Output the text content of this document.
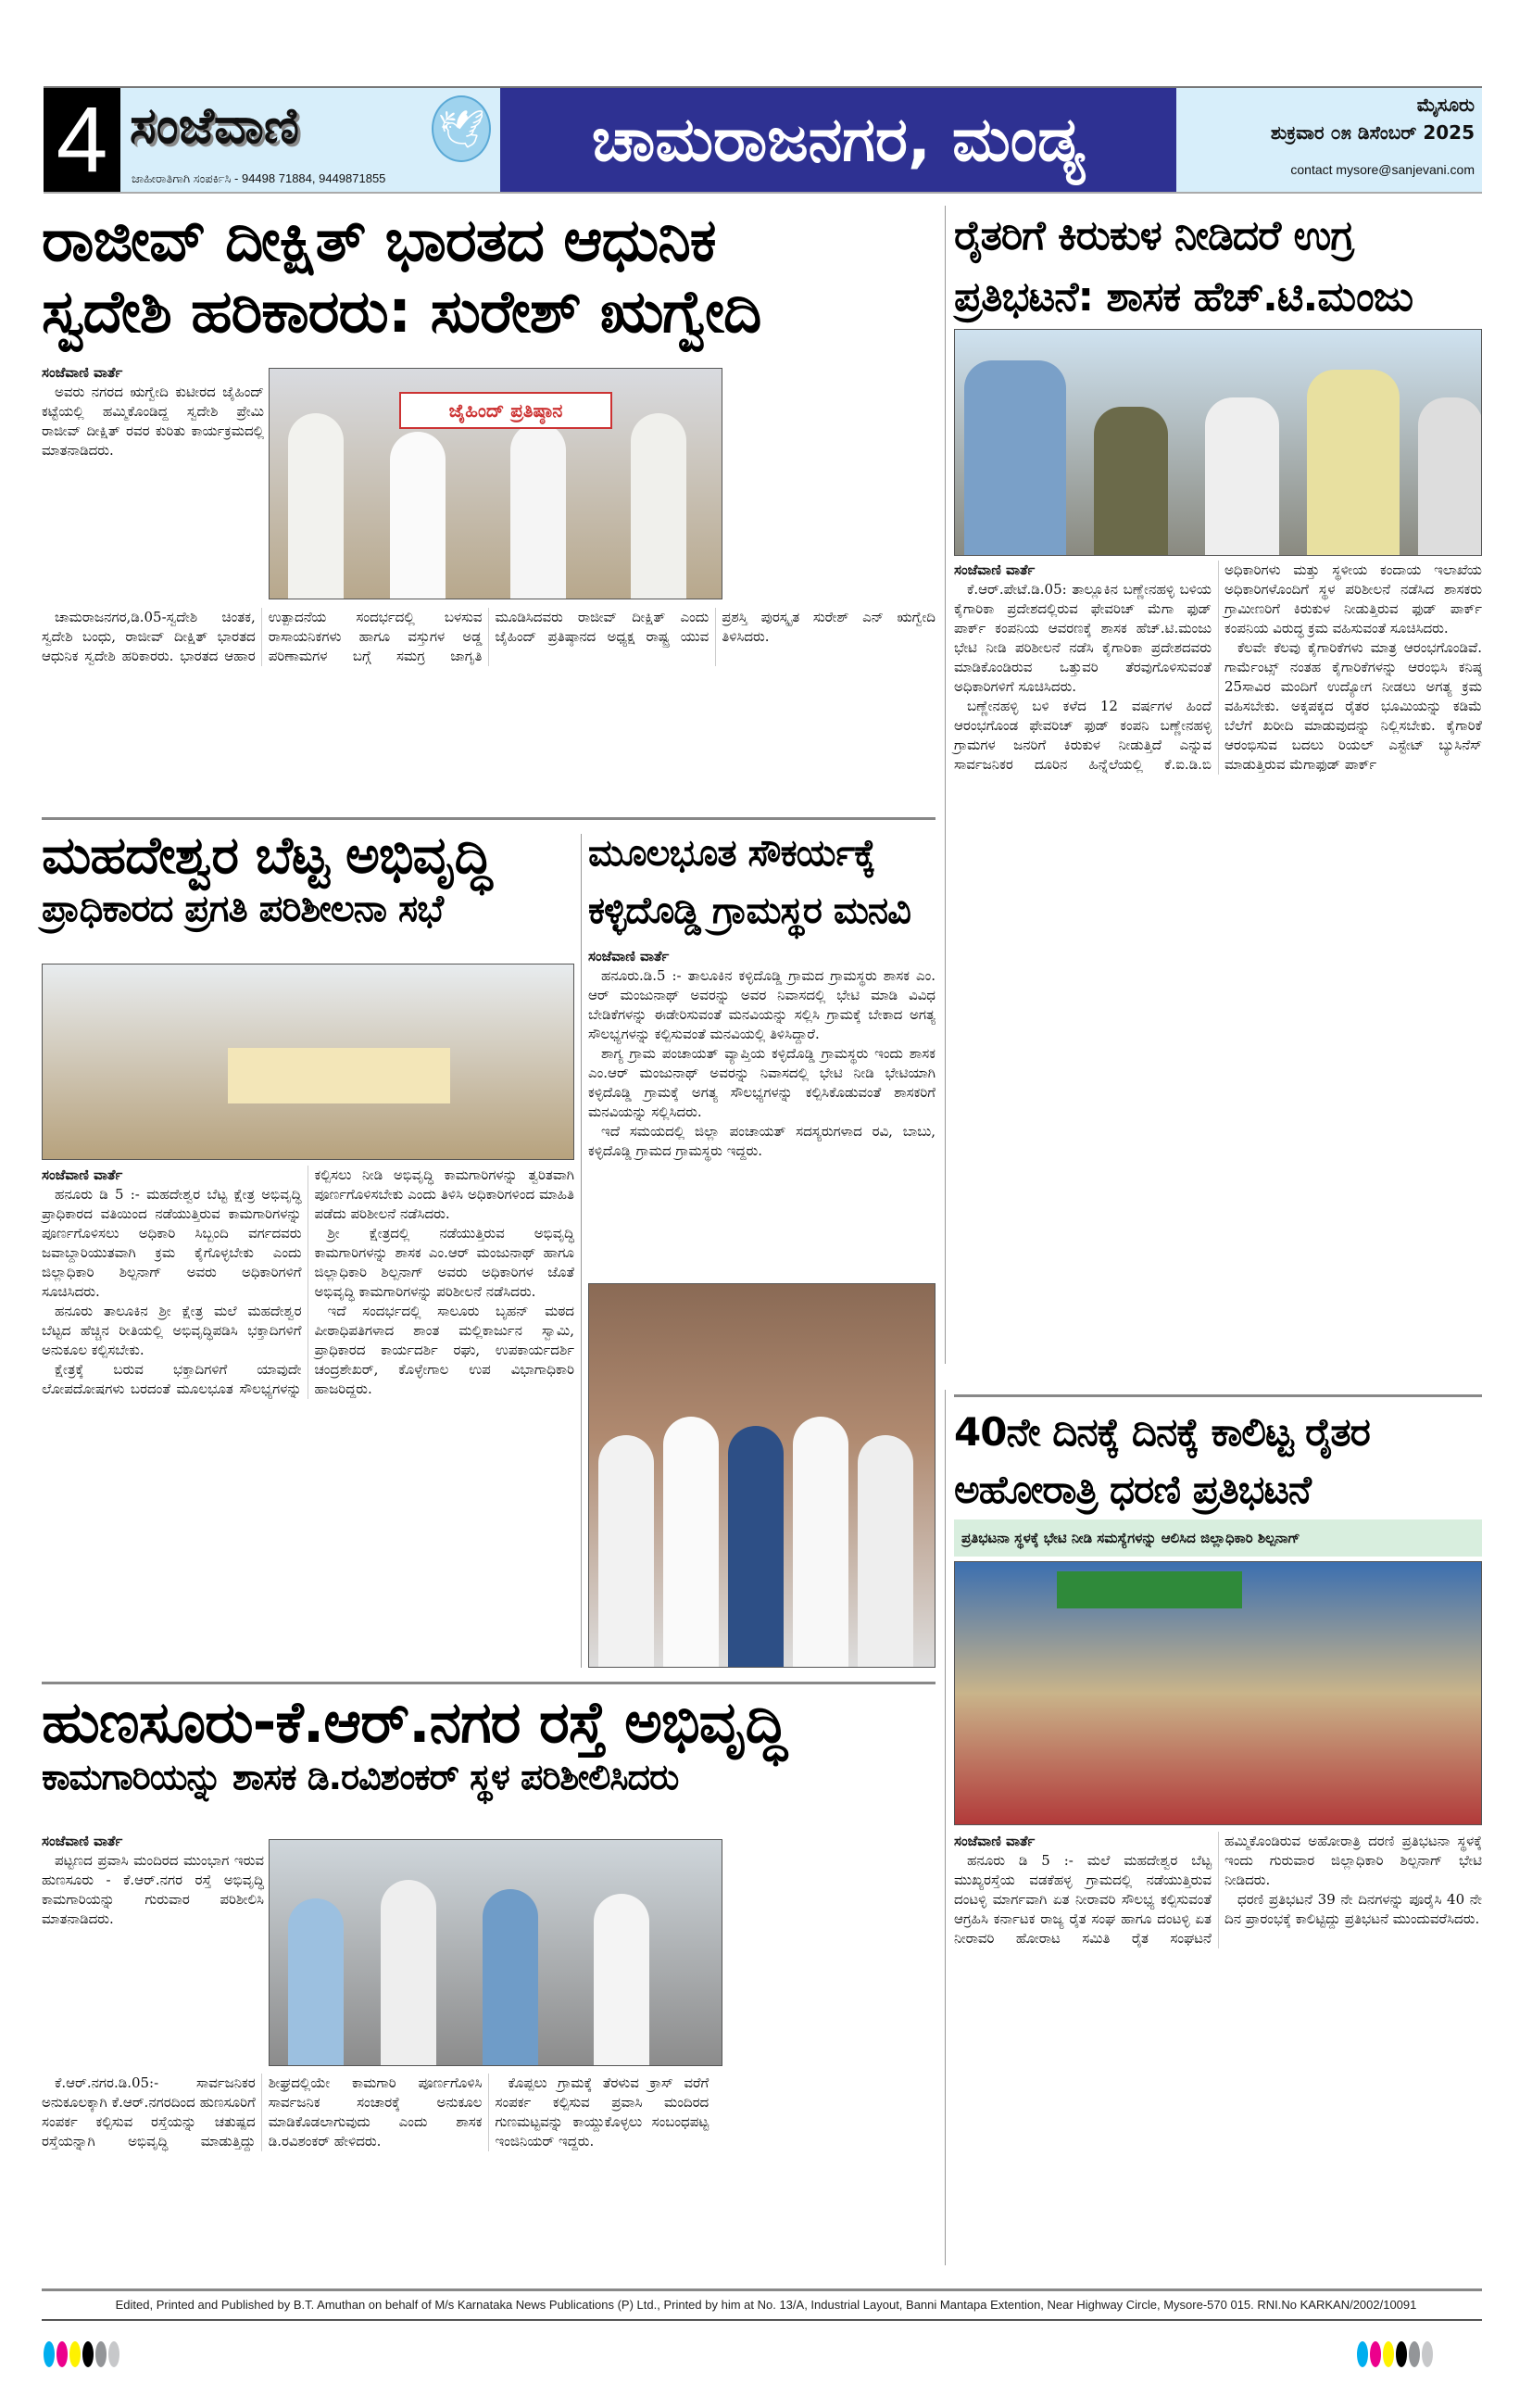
4 ಸಂಜೆವಾಣಿ	🕊
ಜಾಹೀರಾತಿಗಾಗಿ ಸಂಪರ್ಕಿಸಿ - 94498 71884, 9449871855
ಚಾಮರಾಜನಗರ, ಮಂಡ್ಯ	ಮೈಸೂರು
ಶುಕ್ರವಾರ ೦೫ ಡಿಸೆಂಬರ್ 2025
contact mysore@sanjevani.com
ರಾಜೀವ್ ದೀಕ್ಷಿತ್ ಭಾರತದ ಆಧುನಿಕ
ಸ್ವದೇಶಿ ಹರಿಕಾರರು: ಸುರೇಶ್ ಋಗ್ವೇದಿ
ಜೈಹಿಂದ್ ಪ್ರತಿಷ್ಠಾನ
ಸಂಜೆವಾಣಿ ವಾರ್ತೆ

ಅವರು ನಗರದ ಋಗ್ವೇದಿ ಕುಟೀರದ ಜೈಹಿಂದ್ ಕಟ್ಟೆಯಲ್ಲಿ ಹಮ್ಮಿಕೊಂಡಿದ್ದ ಸ್ವದೇಶಿ ಪ್ರೇಮಿ ರಾಜೀವ್ ದೀಕ್ಷಿತ್ ರವರ ಕುರಿತು ಕಾರ್ಯಕ್ರಮದಲ್ಲಿ ಮಾತನಾಡಿದರು.

ಚಾಮರಾಜನಗರ,ಡಿ.05-ಸ್ವದೇಶಿ ಚಿಂತಕ, ಸ್ವದೇಶಿ ಬಂಧು, ರಾಜೀವ್ ದೀಕ್ಷಿತ್ ಭಾರತದ ಆಧುನಿಕ ಸ್ವದೇಶಿ ಹರಿಕಾರರು. ಭಾರತದ ಆಹಾರ ಉತ್ಪಾದನೆಯ ಸಂದರ್ಭದಲ್ಲಿ ಬಳಸುವ ರಾಸಾಯನಿಕಗಳು ಹಾಗೂ ವಸ್ತುಗಳ ಅಡ್ಡ ಪರಿಣಾಮಗಳ ಬಗ್ಗೆ ಸಮಗ್ರ ಜಾಗೃತಿ ಮೂಡಿಸಿದವರು ರಾಜೀವ್ ದೀಕ್ಷಿತ್ ಎಂದು ಜೈಹಿಂದ್ ಪ್ರತಿಷ್ಠಾನದ ಅಧ್ಯಕ್ಷ ರಾಷ್ಟ್ರ ಯುವ ಪ್ರಶಸ್ತಿ ಪುರಸ್ಕೃತ ಸುರೇಶ್ ಎನ್ ಋಗ್ವೇದಿ ತಿಳಿಸಿದರು.

ರೈತರಿಗೆ ಕಿರುಕುಳ ನೀಡಿದರೆ ಉಗ್ರ
ಪ್ರತಿಭಟನೆ: ಶಾಸಕ ಹೆಚ್.ಟಿ.ಮಂಜು
ಸಂಜೆವಾಣಿ ವಾರ್ತೆ

ಕೆ.ಆರ್.ಪೇಟೆ.ಡಿ.05: ತಾಲ್ಲೂಕಿನ ಬಣ್ಣೇನಹಳ್ಳಿ ಬಳಿಯ ಕೈಗಾರಿಕಾ ಪ್ರದೇಶದಲ್ಲಿರುವ ಫೇವರಿಚ್ ಮೆಗಾ ಫುಡ್ ಪಾರ್ಕ್ ಕಂಪನಿಯ ಆವರಣಕ್ಕೆ ಶಾಸಕ ಹೆಚ್.ಟಿ.ಮಂಜು ಭೇಟಿ ನೀಡಿ ಪರಿಶೀಲನೆ ನಡೆಸಿ ಕೈಗಾರಿಕಾ ಪ್ರದೇಶದವರು ಮಾಡಿಕೊಂಡಿರುವ ಒತ್ತುವರಿ ತೆರವುಗೊಳಿಸುವಂತೆ ಅಧಿಕಾರಿಗಳಿಗೆ ಸೂಚಿಸಿದರು.

ಬಣ್ಣೇನಹಳ್ಳಿ ಬಳಿ ಕಳೆದ 12 ವರ್ಷಗಳ ಹಿಂದೆ ಆರಂಭಗೊಂಡ ಫೇವರಿಚ್ ಫುಡ್ ಕಂಪನಿ ಬಣ್ಣೇನಹಳ್ಳಿ ಗ್ರಾಮಗಳ ಜನರಿಗೆ ಕಿರುಕುಳ ನೀಡುತ್ತಿದೆ ಎನ್ನುವ ಸಾರ್ವಜನಿಕರ ದೂರಿನ ಹಿನ್ನೆಲೆಯಲ್ಲಿ ಕೆ.ಐ.ಡಿ.ಬಿ ಅಧಿಕಾರಿಗಳು ಮತ್ತು ಸ್ಥಳೀಯ ಕಂದಾಯ ಇಲಾಖೆಯ ಅಧಿಕಾರಿಗಳೊಂದಿಗೆ ಸ್ಥಳ ಪರಿಶೀಲನೆ ನಡೆಸಿದ ಶಾಸಕರು ಗ್ರಾಮೀಣರಿಗೆ ಕಿರುಕುಳ ನೀಡುತ್ತಿರುವ ಫುಡ್ ಪಾರ್ಕ್ ಕಂಪನಿಯ ವಿರುದ್ಧ ಕ್ರಮ ವಹಿಸುವಂತೆ ಸೂಚಿಸಿದರು.

ಕೆಲವೇ ಕೆಲವು ಕೈಗಾರಿಕೆಗಳು ಮಾತ್ರ ಆರಂಭಗೊಂಡಿವೆ. ಗಾರ್ಮೆಂಟ್ಸ್ ನಂತಹ ಕೈಗಾರಿಕೆಗಳನ್ನು ಆರಂಭಿಸಿ ಕನಿಷ್ಠ 25ಸಾವಿರ ಮಂದಿಗೆ ಉದ್ಯೋಗ ನೀಡಲು ಅಗತ್ಯ ಕ್ರಮ ವಹಿಸಬೇಕು. ಅಕ್ಕಪಕ್ಕದ ರೈತರ ಭೂಮಿಯನ್ನು ಕಡಿಮೆ ಬೆಲೆಗೆ ಖರೀದಿ ಮಾಡುವುದನ್ನು ನಿಲ್ಲಿಸಬೇಕು. ಕೈಗಾರಿಕೆ ಆರಂಭಿಸುವ ಬದಲು ರಿಯಲ್ ಎಸ್ಟೇಟ್ ಬ್ಯುಸಿನೆಸ್ ಮಾಡುತ್ತಿರುವ ಮೆಗಾಫುಡ್ ಪಾರ್ಕ್

ಮಹದೇಶ್ವರ ಬೆಟ್ಟ ಅಭಿವೃದ್ಧಿ
ಪ್ರಾಧಿಕಾರದ ಪ್ರಗತಿ ಪರಿಶೀಲನಾ ಸಭೆ
ಸಂಜೆವಾಣಿ ವಾರ್ತೆ

ಹನೂರು ಡಿ 5 :- ಮಹದೇಶ್ವರ ಬೆಟ್ಟ ಕ್ಷೇತ್ರ ಅಭಿವೃದ್ಧಿ ಪ್ರಾಧಿಕಾರದ ವತಿಯಿಂದ ನಡೆಯುತ್ತಿರುವ ಕಾಮಗಾರಿಗಳನ್ನು ಪೂರ್ಣಗೊಳಿಸಲು ಅಧಿಕಾರಿ ಸಿಬ್ಬಂದಿ ವರ್ಗದವರು ಜವಾಬ್ದಾರಿಯುತವಾಗಿ ಕ್ರಮ ಕೈಗೊಳ್ಳಬೇಕು ಎಂದು ಜಿಲ್ಲಾಧಿಕಾರಿ ಶಿಲ್ಪನಾಗ್ ಅವರು ಅಧಿಕಾರಿಗಳಿಗೆ ಸೂಚಿಸಿದರು.

ಹನೂರು ತಾಲೂಕಿನ ಶ್ರೀ ಕ್ಷೇತ್ರ ಮಲೆ ಮಹದೇಶ್ವರ ಬೆಟ್ಟದ ಹೆಚ್ಚಿನ ರೀತಿಯಲ್ಲಿ ಅಭಿವೃದ್ಧಿಪಡಿಸಿ ಭಕ್ತಾದಿಗಳಿಗೆ ಅನುಕೂಲ ಕಲ್ಪಿಸಬೇಕು.

ಕ್ಷೇತ್ರಕ್ಕೆ ಬರುವ ಭಕ್ತಾದಿಗಳಿಗೆ ಯಾವುದೇ ಲೋಪದೋಷಗಳು ಬರದಂತೆ ಮೂಲಭೂತ ಸೌಲಭ್ಯಗಳನ್ನು ಕಲ್ಪಿಸಲು ನೀಡಿ ಅಭಿವೃದ್ಧಿ ಕಾಮಗಾರಿಗಳನ್ನು ತ್ವರಿತವಾಗಿ ಪೂರ್ಣಗೊಳಿಸಬೇಕು ಎಂದು ತಿಳಿಸಿ ಅಧಿಕಾರಿಗಳಿಂದ ಮಾಹಿತಿ ಪಡೆದು ಪರಿಶೀಲನೆ ನಡೆಸಿದರು.

ಶ್ರೀ ಕ್ಷೇತ್ರದಲ್ಲಿ ನಡೆಯುತ್ತಿರುವ ಅಭಿವೃದ್ಧಿ ಕಾಮಗಾರಿಗಳನ್ನು ಶಾಸಕ ಎಂ.ಆರ್ ಮಂಜುನಾಥ್ ಹಾಗೂ ಜಿಲ್ಲಾಧಿಕಾರಿ ಶಿಲ್ಪನಾಗ್ ಅವರು ಅಧಿಕಾರಿಗಳ ಜೊತೆ ಅಭಿವೃದ್ಧಿ ಕಾಮಗಾರಿಗಳನ್ನು ಪರಿಶೀಲನೆ ನಡೆಸಿದರು.

ಇದೆ ಸಂದರ್ಭದಲ್ಲಿ ಸಾಲೂರು ಬೃಹನ್ ಮಠದ ಪೀಠಾಧಿಪತಿಗಳಾದ ಶಾಂತ ಮಲ್ಲಿಕಾರ್ಜುನ ಸ್ವಾಮಿ, ಪ್ರಾಧಿಕಾರದ ಕಾರ್ಯದರ್ಶಿ ರಘು, ಉಪಕಾರ್ಯದರ್ಶಿ ಚಂದ್ರಶೇಖರ್, ಕೊಳ್ಳೇಗಾಲ ಉಪ ವಿಭಾಗಾಧಿಕಾರಿ ಹಾಜರಿದ್ದರು.

ಮೂಲಭೂತ ಸೌಕರ್ಯಕ್ಕೆ
ಕಳ್ಳಿದೊಡ್ಡಿ ಗ್ರಾಮಸ್ಥರ ಮನವಿ
ಸಂಜೆವಾಣಿ ವಾರ್ತೆ

ಹನೂರು.ಡಿ.5 :- ತಾಲೂಕಿನ ಕಳ್ಳಿದೊಡ್ಡಿ ಗ್ರಾಮದ ಗ್ರಾಮಸ್ಥರು ಶಾಸಕ ಎಂ. ಆರ್ ಮಂಜುನಾಥ್ ಅವರನ್ನು ಅವರ ನಿವಾಸದಲ್ಲಿ ಭೇಟಿ ಮಾಡಿ ವಿವಿಧ ಬೇಡಿಕೆಗಳನ್ನು ಈಡೇರಿಸುವಂತೆ ಮನವಿಯನ್ನು ಸಲ್ಲಿಸಿ ಗ್ರಾಮಕ್ಕೆ ಬೇಕಾದ ಅಗತ್ಯ ಸೌಲಭ್ಯಗಳನ್ನು ಕಲ್ಪಿಸುವಂತೆ ಮನವಿಯಲ್ಲಿ ತಿಳಿಸಿದ್ದಾರೆ.

ಶಾಗ್ಯ ಗ್ರಾಮ ಪಂಚಾಯತ್ ವ್ಯಾಪ್ತಿಯ ಕಳ್ಳಿದೊಡ್ಡಿ ಗ್ರಾಮಸ್ಥರು ಇಂದು ಶಾಸಕ ಎಂ.ಆರ್ ಮಂಜುನಾಥ್ ಅವರನ್ನು ನಿವಾಸದಲ್ಲಿ ಭೇಟಿ ನೀಡಿ ಭೇಟಿಯಾಗಿ ಕಳ್ಳಿದೊಡ್ಡಿ ಗ್ರಾಮಕ್ಕೆ ಅಗತ್ಯ ಸೌಲಭ್ಯಗಳನ್ನು ಕಲ್ಪಿಸಿಕೊಡುವಂತೆ ಶಾಸಕರಿಗೆ ಮನವಿಯನ್ನು ಸಲ್ಲಿಸಿದರು.

ಇದೆ ಸಮಯದಲ್ಲಿ ಜಿಲ್ಲಾ ಪಂಚಾಯತ್ ಸದಸ್ಯರುಗಳಾದ ರವಿ, ಬಾಬು, ಕಳ್ಳಿದೊಡ್ಡಿ ಗ್ರಾಮದ ಗ್ರಾಮಸ್ಥರು ಇದ್ದರು.

40ನೇ ದಿನಕ್ಕೆ ದಿನಕ್ಕೆ ಕಾಲಿಟ್ಟ ರೈತರ
ಅಹೋರಾತ್ರಿ ಧರಣಿ ಪ್ರತಿಭಟನೆ
ಪ್ರತಿಭಟನಾ ಸ್ಥಳಕ್ಕೆ ಭೇಟಿ ನೀಡಿ ಸಮಸ್ಯೆಗಳನ್ನು ಆಲಿಸಿದ ಜಿಲ್ಲಾಧಿಕಾರಿ ಶಿಲ್ಪನಾಗ್
ಸಂಜೆವಾಣಿ ವಾರ್ತೆ

ಹನೂರು ಡಿ 5 :- ಮಲೆ ಮಹದೇಶ್ವರ ಬೆಟ್ಟ ಮುಖ್ಯರಸ್ತೆಯ ವಡಕೆಹಳ್ಳ ಗ್ರಾಮದಲ್ಲಿ ನಡೆಯುತ್ತಿರುವ ದಂಟಳ್ಳಿ ಮಾರ್ಗವಾಗಿ ಏತ ನೀರಾವರಿ ಸೌಲಭ್ಯ ಕಲ್ಪಿಸುವಂತೆ ಆಗ್ರಹಿಸಿ ಕರ್ನಾಟಕ ರಾಜ್ಯ ರೈತ ಸಂಘ ಹಾಗೂ ದಂಟಳ್ಳಿ ಏತ ನೀರಾವರಿ ಹೋರಾಟ ಸಮಿತಿ ರೈತ ಸಂಘಟನೆ ಹಮ್ಮಿಕೊಂಡಿರುವ ಅಹೋರಾತ್ರಿ ದರಣಿ ಪ್ರತಿಭಟನಾ ಸ್ಥಳಕ್ಕೆ ಇಂದು ಗುರುವಾರ ಜಿಲ್ಲಾಧಿಕಾರಿ ಶಿಲ್ಪನಾಗ್ ಭೇಟಿ ನೀಡಿದರು.

ಧರಣಿ ಪ್ರತಿಭಟನೆ 39 ನೇ ದಿನಗಳನ್ನು ಪೂರೈಸಿ 40 ನೇ ದಿನ ಪ್ರಾರಂಭಕ್ಕೆ ಕಾಲಿಟ್ಟಿದ್ದು ಪ್ರತಿಭಟನೆ ಮುಂದುವರೆಸಿದರು.

ಹುಣಸೂರು-ಕೆ.ಆರ್.ನಗರ ರಸ್ತೆ ಅಭಿವೃದ್ಧಿ
ಕಾಮಗಾರಿಯನ್ನು ಶಾಸಕ ಡಿ.ರವಿಶಂಕರ್ ಸ್ಥಳ ಪರಿಶೀಲಿಸಿದರು
ಸಂಜೆವಾಣಿ ವಾರ್ತೆ

ಪಟ್ಟಣದ ಪ್ರವಾಸಿ ಮಂದಿರದ ಮುಂಭಾಗ ಇರುವ ಹುಣಸೂರು - ಕೆ.ಆರ್.ನಗರ ರಸ್ತೆ ಅಭಿವೃದ್ಧಿ ಕಾಮಗಾರಿಯನ್ನು ಗುರುವಾರ ಪರಿಶೀಲಿಸಿ ಮಾತನಾಡಿದರು.

ಕೆ.ಆರ್.ನಗರ.ಡಿ.05:- ಸಾರ್ವಜನಿಕರ ಅನುಕೂಲಕ್ಕಾಗಿ ಕೆ.ಆರ್.ನಗರದಿಂದ ಹುಣಸೂರಿಗೆ ಸಂಪರ್ಕ ಕಲ್ಪಿಸುವ ರಸ್ತೆಯನ್ನು ಚತುಷ್ಪದ ರಸ್ತೆಯನ್ನಾಗಿ ಅಭಿವೃದ್ಧಿ ಮಾಡುತ್ತಿದ್ದು ಶೀಘ್ರದಲ್ಲಿಯೇ ಕಾಮಗಾರಿ ಪೂರ್ಣಗೊಳಿಸಿ ಸಾರ್ವಜನಿಕ ಸಂಚಾರಕ್ಕೆ ಅನುಕೂಲ ಮಾಡಿಕೊಡಲಾಗುವುದು ಎಂದು ಶಾಸಕ ಡಿ.ರವಿಶಂಕರ್ ಹೇಳಿದರು.

ಕೊಪ್ಪಲು ಗ್ರಾಮಕ್ಕೆ ತೆರಳುವ ಕ್ರಾಸ್ ವರೆಗೆ ಸಂಪರ್ಕ ಕಲ್ಪಿಸುವ ಪ್ರವಾಸಿ ಮಂದಿರದ ಗುಣಮಟ್ಟವನ್ನು ಕಾಯ್ದುಕೊಳ್ಳಲು ಸಂಬಂಧಪಟ್ಟ ಇಂಜಿನಿಯರ್ ಇದ್ದರು.

Edited, Printed and Published by B.T. Amuthan on behalf of M/s Karnataka News Publications (P) Ltd., Printed by him at No. 13/A, Industrial Layout, Banni Mantapa Extention, Near Highway Circle, Mysore-570 015. RNI.No KARKAN/2002/10091
